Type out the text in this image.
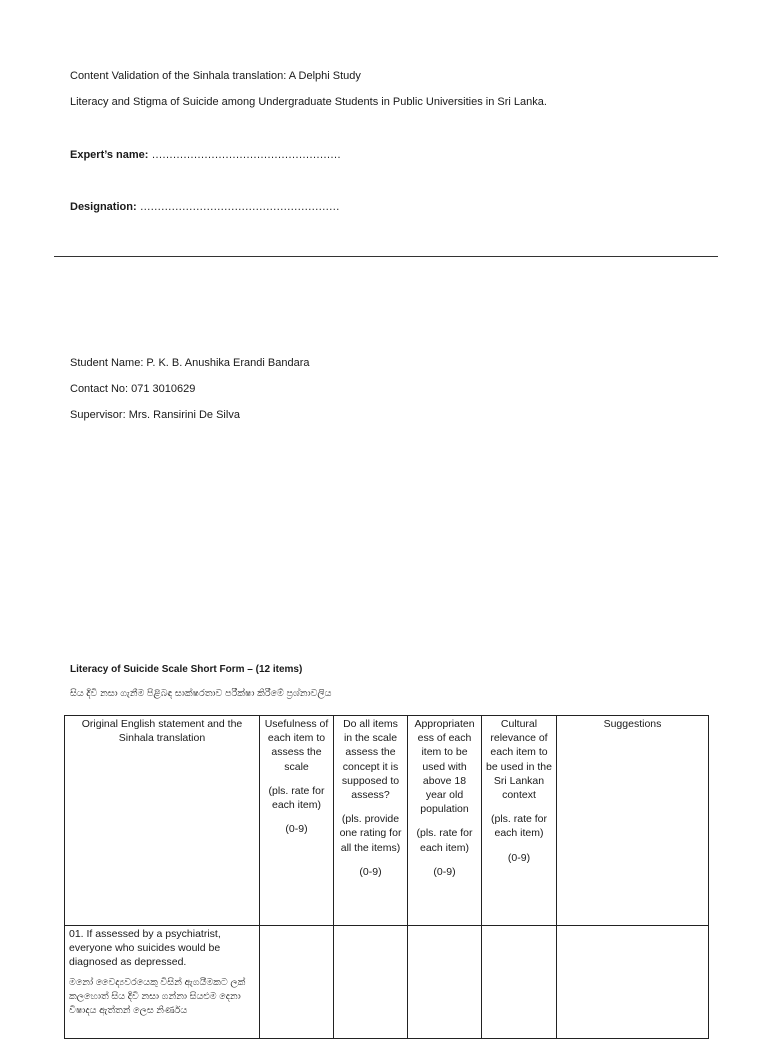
Content Validation of the Sinhala translation: A Delphi Study
Literacy and Stigma of Suicide among Undergraduate Students in Public Universities in Sri Lanka.
Expert’s name: ………………………………………………
Designation: …………………………………………………
Student Name: P. K. B. Anushika Erandi Bandara
Contact No: 071 3010629
Supervisor: Mrs. Ransirini De Silva
Literacy of Suicide Scale Short Form – (12 items)
සිය දිවි නසා ගැනීම පිළිබඳ සාක්ෂරතාව පරීක්ෂා කිරීමේ ප්‍රශ්නාවලිය
Original English statement and the Sinhala translation	Usefulness of each item to assess the scale
(pls. rate for each item)
(0-9)	Do all items in the scale assess the concept it is supposed to assess?
(pls. provide one rating for all the items)
(0-9)	Appropriaten ess of each item to be used with above 18 year old population
(pls. rate for each item)
(0-9)	Cultural relevance of each item to be used in the Sri Lankan context
(pls. rate for each item)
(0-9)	Suggestions

01. If assessed by a psychiatrist, everyone who suicides would be diagnosed as depressed.
මනෝ වෛද්‍යවරයෙකු විසින් ඇගයීමකට ලක් කලහොත් සිය දිවි නසා ගන්නා සියළුම දෙනා විෂාදය ඇත්තන් ලෙස නිර්ණය					
